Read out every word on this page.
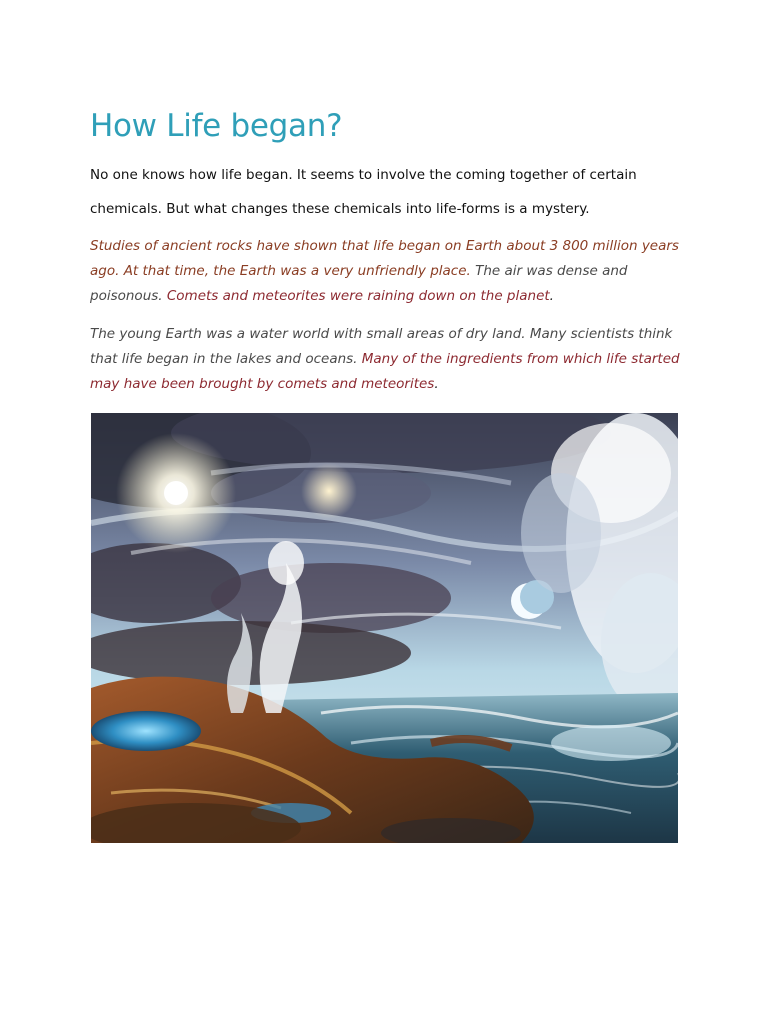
How Life began?

No one knows how life began. It seems to involve the coming together of certain chemicals. But what changes these chemicals into life-forms is a mystery.

Studies of ancient rocks have shown that life began on Earth about 3 800 million years ago. At that time, the Earth was a very unfriendly place. The air was dense and poisonous. Comets and meteorites were raining down on the planet.

The young Earth was a water world with small areas of dry land. Many scientists think that life began in the lakes and oceans. Many of the ingredients from which life started may have been brought by comets and meteorites.
